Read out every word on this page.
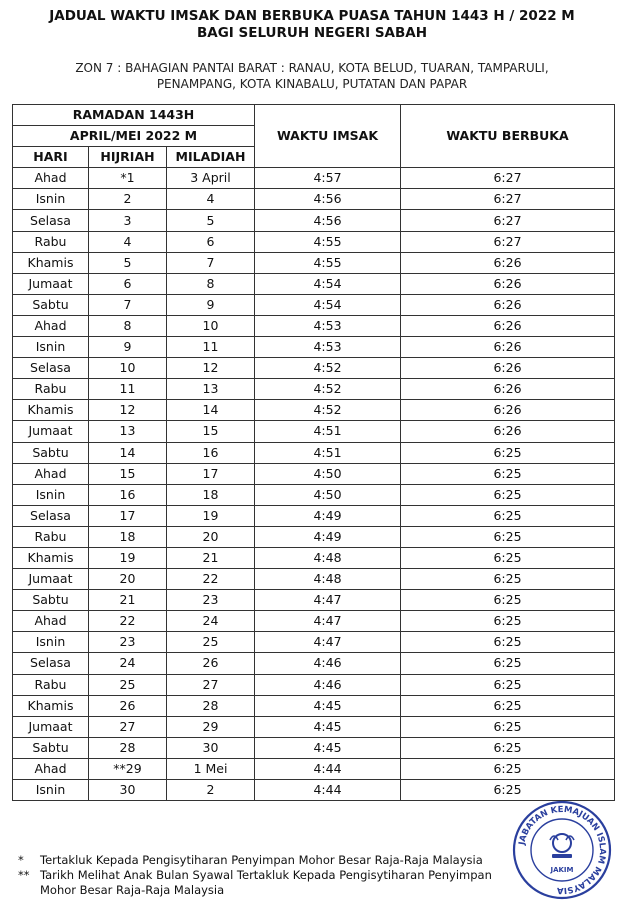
JADUAL WAKTU IMSAK DAN BERBUKA PUASA TAHUN 1443 H / 2022 M
BAGI SELURUH NEGERI SABAH
ZON 7 : BAHAGIAN PANTAI BARAT : RANAU, KOTA BELUD, TUARAN, TAMPARULI,
PENAMPANG, KOTA KINABALU, PUTATAN DAN PAPAR
RAMADAN 1443H			WAKTU IMSAK	WAKTU BERBUKA
APRIL/MEI 2022 M				
HARI	HIJRIAH	MILADIAH		
Ahad	*1	3 April	4:57	6:27
Isnin	2	4	4:56	6:27
Selasa	3	5	4:56	6:27
Rabu	4	6	4:55	6:27
Khamis	5	7	4:55	6:26
Jumaat	6	8	4:54	6:26
Sabtu	7	9	4:54	6:26
Ahad	8	10	4:53	6:26
Isnin	9	11	4:53	6:26
Selasa	10	12	4:52	6:26
Rabu	11	13	4:52	6:26
Khamis	12	14	4:52	6:26
Jumaat	13	15	4:51	6:26
Sabtu	14	16	4:51	6:25
Ahad	15	17	4:50	6:25
Isnin	16	18	4:50	6:25
Selasa	17	19	4:49	6:25
Rabu	18	20	4:49	6:25
Khamis	19	21	4:48	6:25
Jumaat	20	22	4:48	6:25
Sabtu	21	23	4:47	6:25
Ahad	22	24	4:47	6:25
Isnin	23	25	4:47	6:25
Selasa	24	26	4:46	6:25
Rabu	25	27	4:46	6:25
Khamis	26	28	4:45	6:25
Jumaat	27	29	4:45	6:25
Sabtu	28	30	4:45	6:25
Ahad	**29	1 Mei	4:44	6:25
Isnin	30	2	4:44	6:25
*	Tertakluk Kepada Pengisytiharan Penyimpan Mohor Besar Raja-Raja Malaysia
** Tarikh Melihat Anak Bulan Syawal Tertakluk Kepada Pengisytiharan Penyimpan Mohor Besar Raja-Raja Malaysia
JABATAN KEMAJUAN ISLAM MALAYSIA
JAKIM
